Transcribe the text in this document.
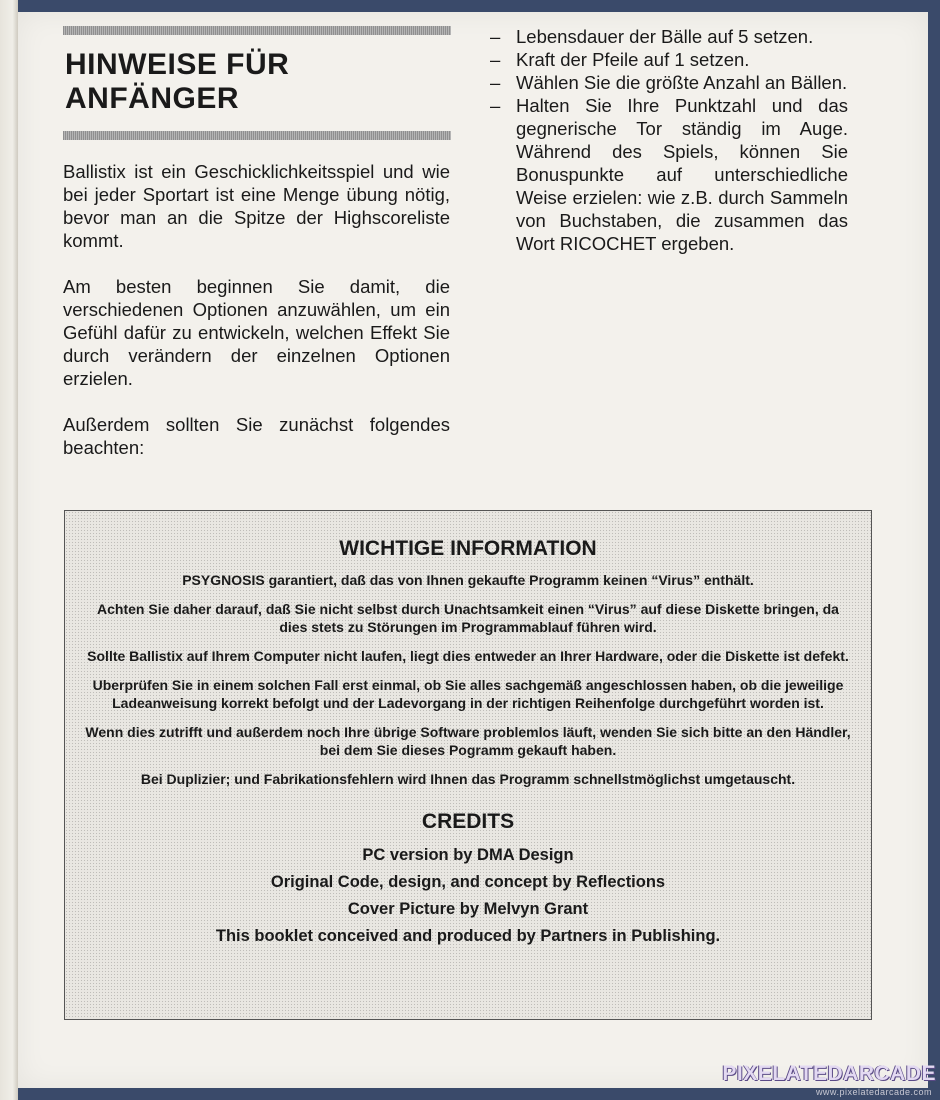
HINWEISE FÜR
ANFÄNGER
Ballistix ist ein Geschicklichkeitsspiel und wie bei jeder Sportart ist eine Menge übung nötig, bevor man an die Spitze der Highscoreliste kommt.
Am besten beginnen Sie damit, die verschiedenen Optionen anzuwählen, um ein Gefühl dafür zu entwickeln, welchen Effekt Sie durch verändern der einzelnen Optionen erzielen.
Außerdem sollten Sie zunächst folgendes beachten:
– Lebensdauer der Bälle auf 5 setzen.
– Kraft der Pfeile auf 1 setzen.
– Wählen Sie die größte Anzahl an Bällen.
– Halten Sie Ihre Punktzahl und das gegnerische Tor ständig im Auge. Während des Spiels, können Sie Bonuspunkte auf unterschiedliche Weise erzielen: wie z.B. durch Sammeln von Buchstaben, die zusammen das Wort RICOCHET ergeben.
WICHTIGE INFORMATION

PSYGNOSIS garantiert, daß das von Ihnen gekaufte Programm keinen “Virus” enthält.

Achten Sie daher darauf, daß Sie nicht selbst durch Unachtsamkeit einen “Virus” auf diese Diskette bringen, da dies stets zu Störungen im Programmablauf führen wird.

Sollte Ballistix auf Ihrem Computer nicht laufen, liegt dies entweder an Ihrer Hardware, oder die Diskette ist defekt.

Uberprüfen Sie in einem solchen Fall erst einmal, ob Sie alles sachgemäß angeschlossen haben, ob die jeweilige Ladeanweisung korrekt befolgt und der Ladevorgang in der richtigen Reihenfolge durchgeführt worden ist.

Wenn dies zutrifft und außerdem noch Ihre übrige Software problemlos läuft, wenden Sie sich bitte an den Händler, bei dem Sie dieses Pogramm gekauft haben.

Bei Duplizier; und Fabrikationsfehlern wird Ihnen das Programm schnellstmöglichst umgetauscht.

CREDITS
PC version by DMA Design
Original Code, design, and concept by Reflections
Cover Picture by Melvyn Grant
This booklet conceived and produced by Partners in Publishing.
PIXELATEDARCADE
www.pixelatedarcade.com
